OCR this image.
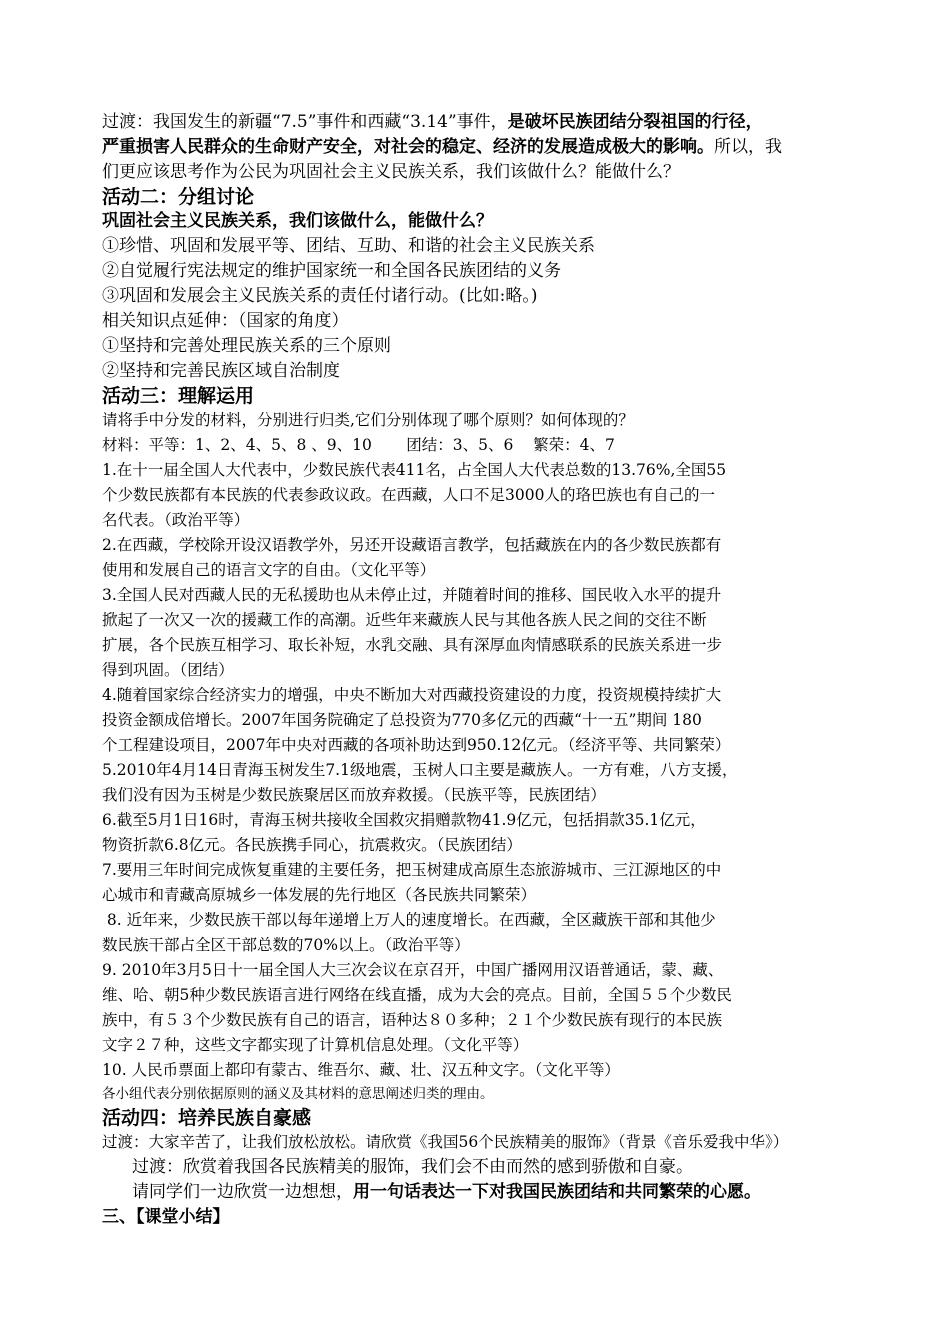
过渡：我国发生的新疆“7.5”事件和西藏“3.14”事件，是破坏民族团结分裂祖国的行径，
严重损害人民群众的生命财产安全，对社会的稳定、经济的发展造成极大的影响。所以，我
们更应该思考作为公民为巩固社会主义民族关系，我们该做什么？能做什么？
活动二：分组讨论
巩固社会主义民族关系，我们该做什么，能做什么？
①珍惜、巩固和发展平等、团结、互助、和谐的社会主义民族关系
②自觉履行宪法规定的维护国家统一和全国各民族团结的义务
③巩固和发展会主义民族关系的责任付诸行动。(比如:略。)
相关知识点延伸：（国家的角度）
①坚持和完善处理民族关系的三个原则
②坚持和完善民族区域自治制度
活动三：理解运用
请将手中分发的材料，分别进行归类,它们分别体现了哪个原则？如何体现的？
材料：平等：1、2、4、5、8 、9、10       团结：3、5、6    繁荣：4、7
1.在十一届全国人大代表中，少数民族代表411名，占全国人大代表总数的13.76%,全国55
个少数民族都有本民族的代表参政议政。在西藏，人口不足3000人的珞巴族也有自己的一
名代表。（政治平等）
2.在西藏，学校除开设汉语教学外，另还开设藏语言教学，包括藏族在内的各少数民族都有
使用和发展自己的语言文字的自由。（文化平等）
3.全国人民对西藏人民的无私援助也从未停止过，并随着时间的推移、国民收入水平的提升
掀起了一次又一次的援藏工作的高潮。近些年来藏族人民与其他各族人民之间的交往不断
扩展，各个民族互相学习、取长补短，水乳交融、具有深厚血肉情感联系的民族关系进一步
得到巩固。（团结）
4.随着国家综合经济实力的增强，中央不断加大对西藏投资建设的力度，投资规模持续扩大
投资金额成倍增长。2007年国务院确定了总投资为770多亿元的西藏“十一五”期间 180
个工程建设项目，2007年中央对西藏的各项补助达到950.12亿元。（经济平等、共同繁荣）
5.2010年4月14日青海玉树发生7.1级地震，玉树人口主要是藏族人。一方有难，八方支援，
我们没有因为玉树是少数民族聚居区而放弃救援。（民族平等，民族团结）
6.截至5月1日16时，青海玉树共接收全国救灾捐赠款物41.9亿元，包括捐款35.1亿元，
物资折款6.8亿元。各民族携手同心，抗震救灾。（民族团结）
7.要用三年时间完成恢复重建的主要任务，把玉树建成高原生态旅游城市、三江源地区的中
心城市和青藏高原城乡一体发展的先行地区（各民族共同繁荣）
8. 近年来，少数民族干部以每年递增上万人的速度增长。在西藏，全区藏族干部和其他少
数民族干部占全区干部总数的70%以上。（政治平等）
9. 2010年3月5日十一届全国人大三次会议在京召开，中国广播网用汉语普通话，蒙、藏、
维、哈、朝5种少数民族语言进行网络在线直播，成为大会的亮点。目前，全国５５个少数民
族中，有５３个少数民族有自己的语言，语种达８０多种；２１个少数民族有现行的本民族
文字２７种，这些文字都实现了计算机信息处理。（文化平等）
10. 人民币票面上都印有蒙古、维吾尔、藏、壮、汉五种文字。（文化平等）
各小组代表分别依据原则的涵义及其材料的意思阐述归类的理由。
活动四：培养民族自豪感
过渡：大家辛苦了，让我们放松放松。请欣赏《我国56个民族精美的服饰》（背景《音乐爱我中华》）
过渡：欣赏着我国各民族精美的服饰，我们会不由而然的感到骄傲和自豪。
请同学们一边欣赏一边想想，用一句话表达一下对我国民族团结和共同繁荣的心愿。
三、【课堂小结】
